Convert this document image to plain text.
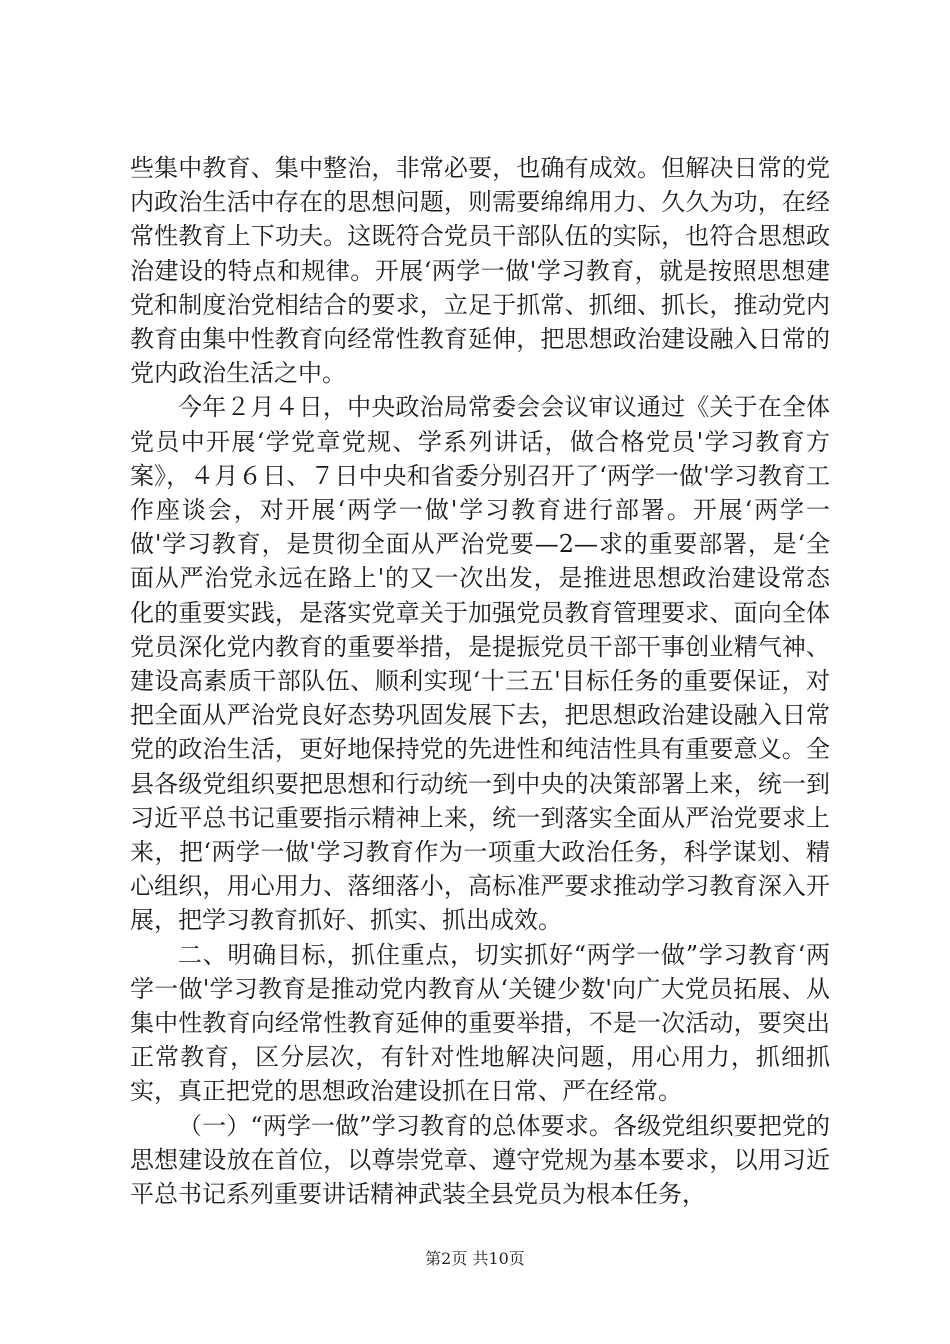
些集中教育、集中整治，非常必要，也确有成效。但解决日常的党内政治生活中存在的思想问题，则需要绵绵用力、久久为功，在经常性教育上下功夫。这既符合党员干部队伍的实际，也符合思想政治建设的特点和规律。开展‘两学一做'学习教育，就是按照思想建党和制度治党相结合的要求，立足于抓常、抓细、抓长，推动党内教育由集中性教育向经常性教育延伸，把思想政治建设融入日常的党内政治生活之中。

今年２月４日，中央政治局常委会会议审议通过《关于在全体党员中开展‘学党章党规、学系列讲话，做合格党员'学习教育方案》，４月６日、７日中央和省委分别召开了‘两学一做'学习教育工作座谈会，对开展‘两学一做'学习教育进行部署。开展‘两学一做'学习教育，是贯彻全面从严治党要—2—求的重要部署，是‘全面从严治党永远在路上'的又一次出发，是推进思想政治建设常态化的重要实践，是落实党章关于加强党员教育管理要求、面向全体党员深化党内教育的重要举措，是提振党员干部干事创业精气神、建设高素质干部队伍、顺利实现‘十三五'目标任务的重要保证，对把全面从严治党良好态势巩固发展下去，把思想政治建设融入日常党的政治生活，更好地保持党的先进性和纯洁性具有重要意义。全县各级党组织要把思想和行动统一到中央的决策部署上来，统一到习近平总书记重要指示精神上来，统一到落实全面从严治党要求上来，把‘两学一做'学习教育作为一项重大政治任务，科学谋划、精心组织，用心用力、落细落小，高标准严要求推动学习教育深入开展，把学习教育抓好、抓实、抓出成效。

二、明确目标，抓住重点，切实抓好“两学一做”学习教育‘两学一做'学习教育是推动党内教育从‘关键少数'向广大党员拓展、从集中性教育向经常性教育延伸的重要举措，不是一次活动，要突出正常教育，区分层次，有针对性地解决问题，用心用力，抓细抓实，真正把党的思想政治建设抓在日常、严在经常。

（一）“两学一做”学习教育的总体要求。各级党组织要把党的思想建设放在首位，以尊崇党章、遵守党规为基本要求，以用习近平总书记系列重要讲话精神武装全县党员为根本任务，

第2页 共10页
